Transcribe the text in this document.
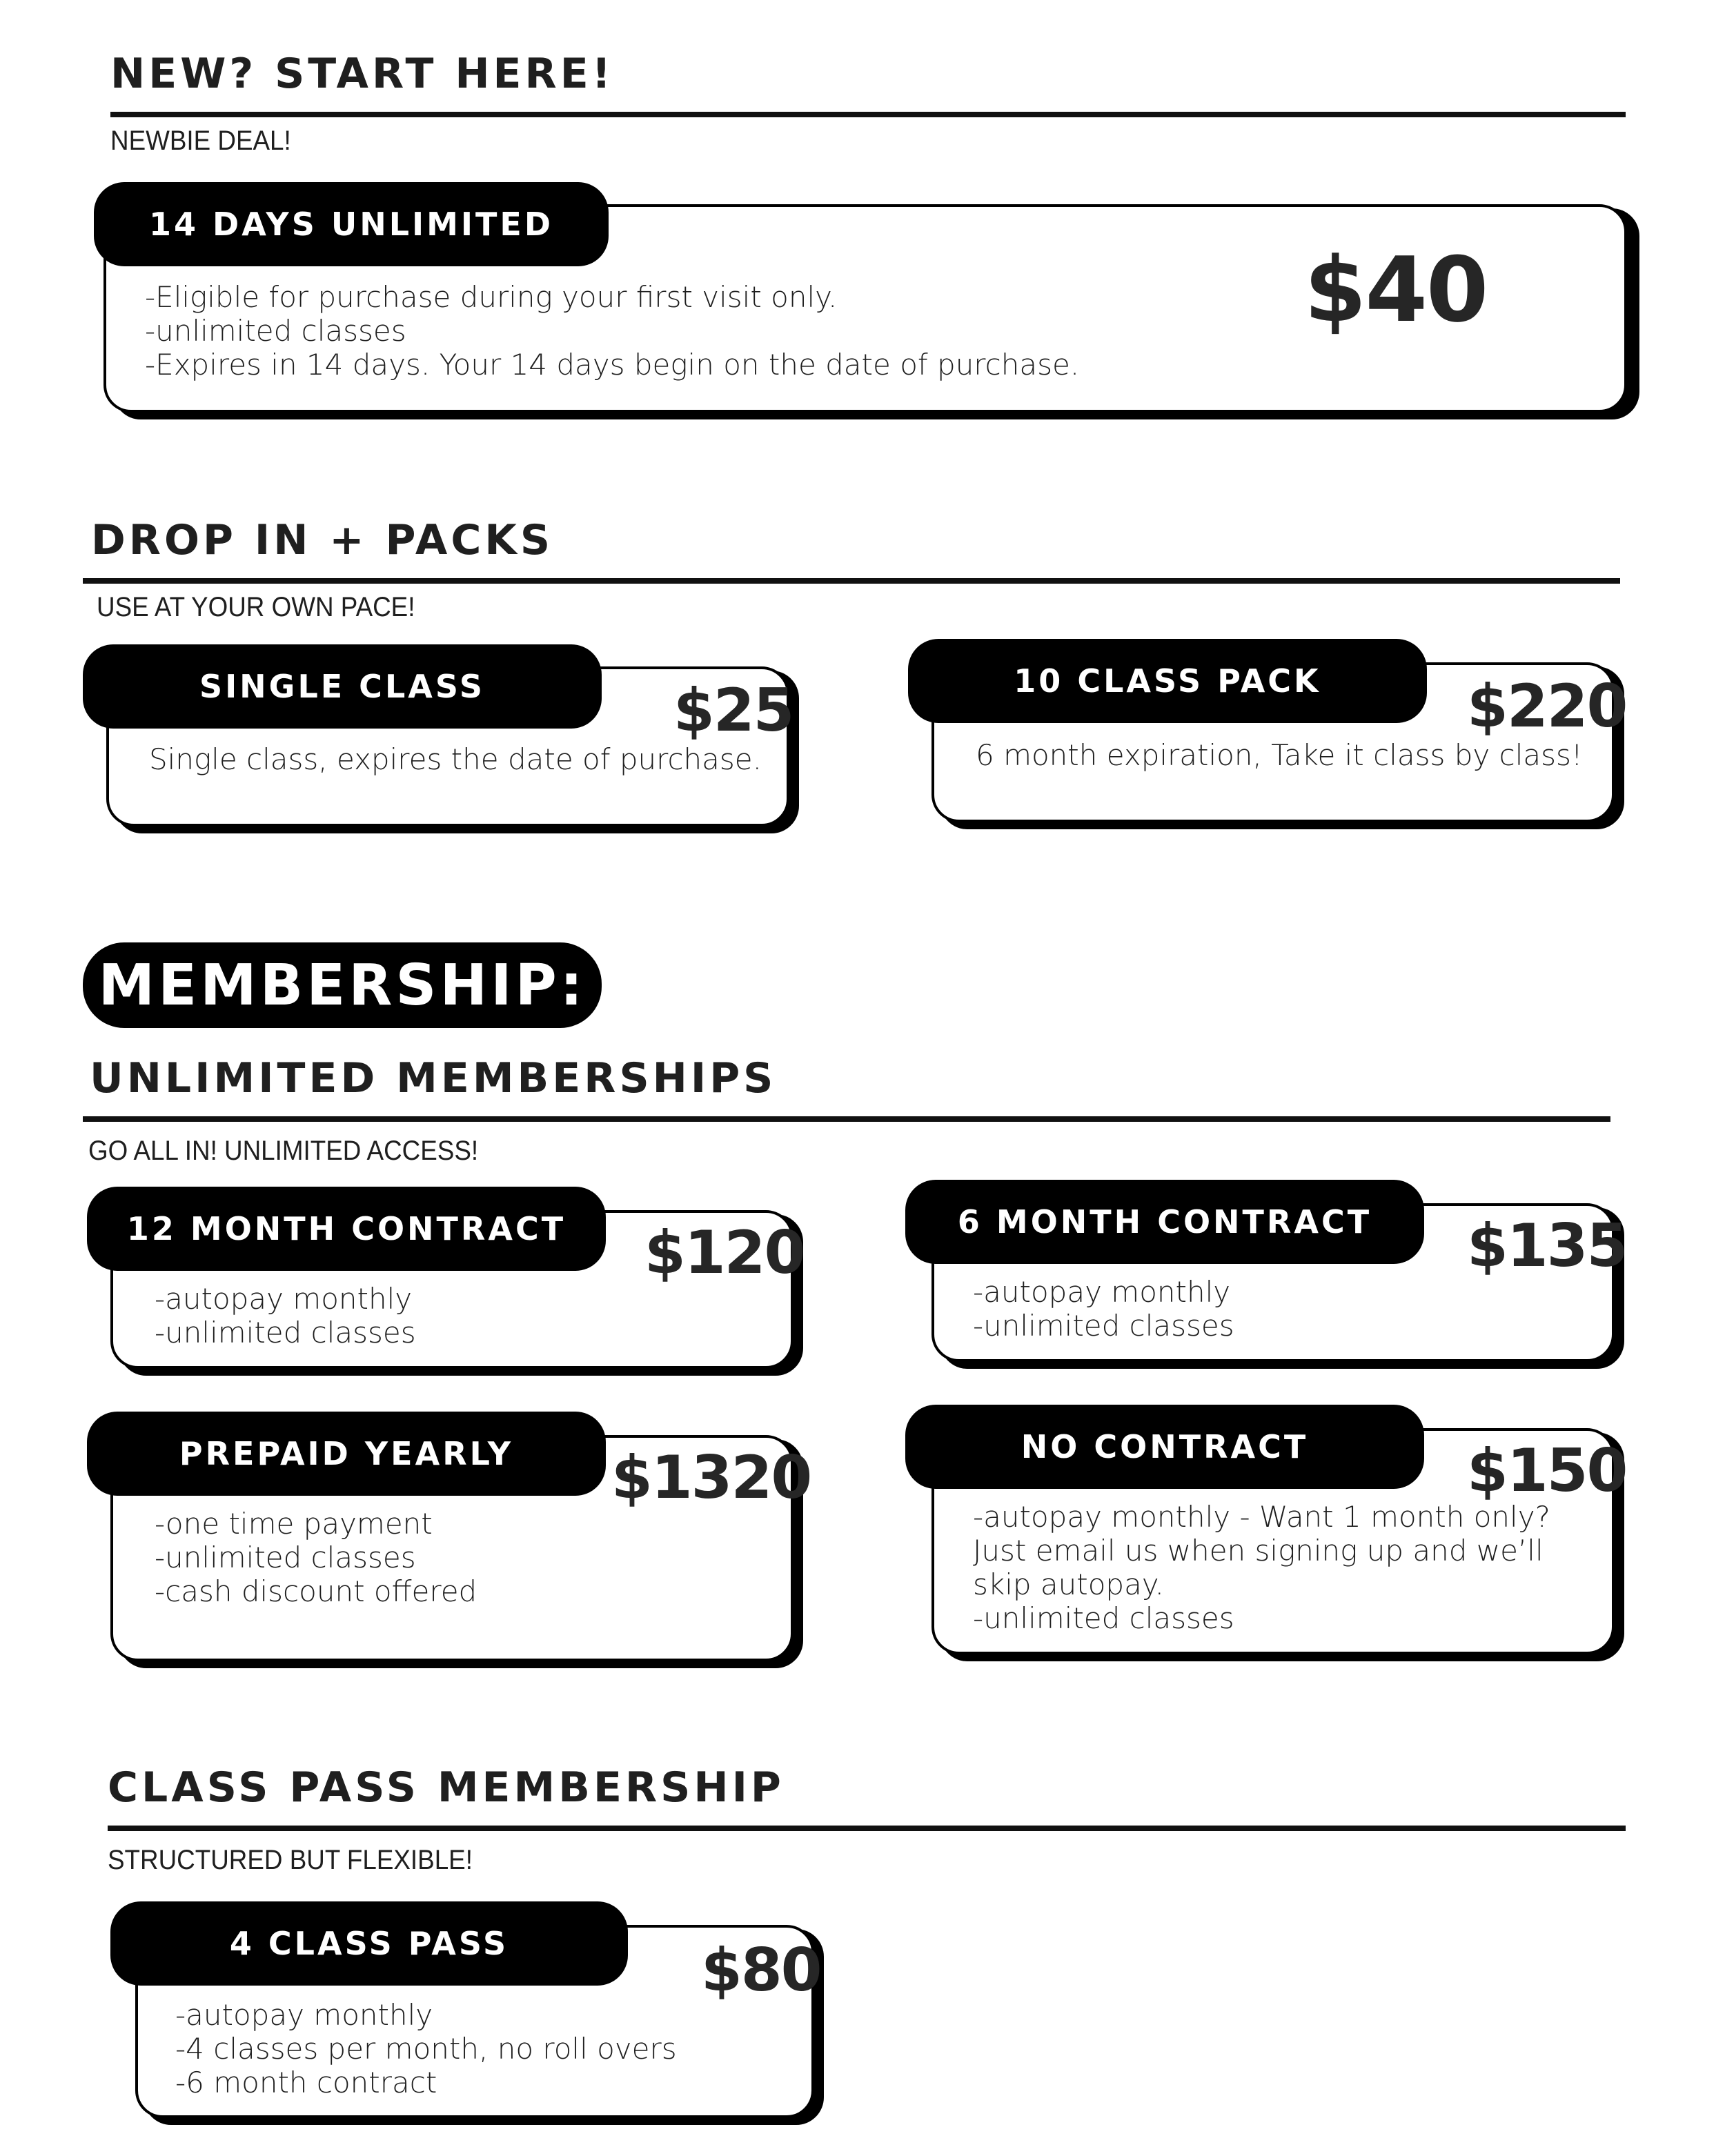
NEW? START HERE!
NEWBIE DEAL!
-Eligible for purchase during your first visit only.
-unlimited classes
-Expires in 14 days. Your 14 days begin on the date of purchase.
$40
14 DAYS UNLIMITED
DROP IN + PACKS
USE AT YOUR OWN PACE!
Single class, expires the date of purchase.
$25
SINGLE CLASS
6 month expiration, Take it class by class!
$220
10 CLASS PACK
MEMBERSHIP:
UNLIMITED MEMBERSHIPS
GO ALL IN! UNLIMITED ACCESS!
-autopay monthly
-unlimited classes
$120
12 MONTH CONTRACT
-autopay monthly
-unlimited classes
$135
6 MONTH CONTRACT
-one time payment
-unlimited classes
-cash discount offered
$1320
PREPAID YEARLY
-autopay monthly - Want 1 month only?
Just email us when signing up and we’ll
skip autopay.
-unlimited classes
$150
NO CONTRACT
CLASS PASS MEMBERSHIP
STRUCTURED BUT FLEXIBLE!
-autopay monthly
-4 classes per month, no roll overs
-6 month contract
$80
4 CLASS PASS
